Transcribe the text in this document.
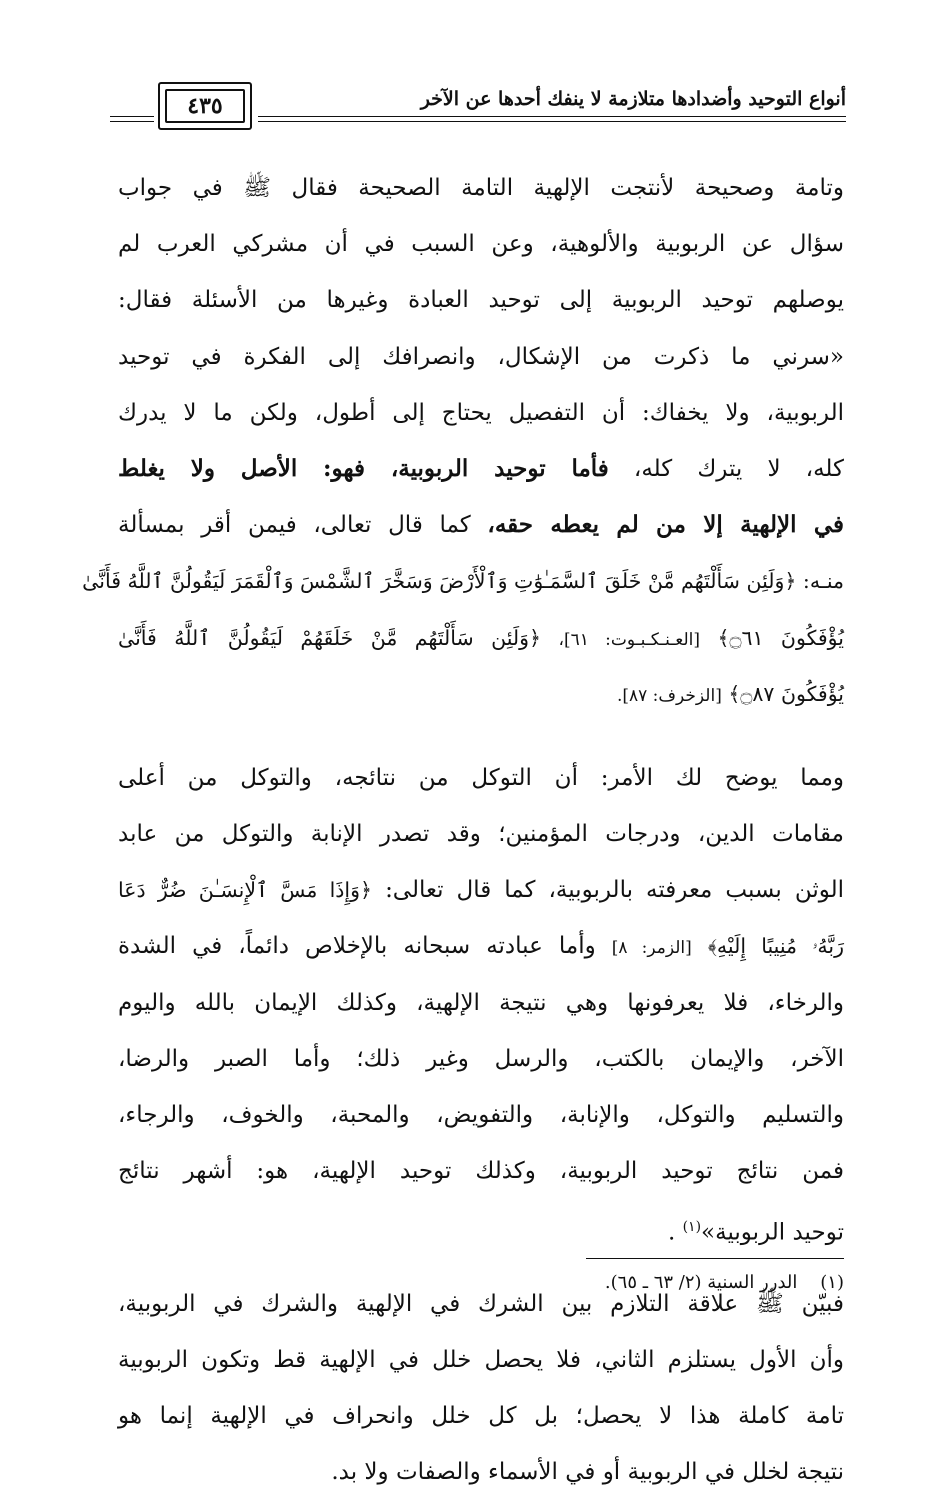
أنواع التوحيد وأضدادها متلازمة لا ينفك أحدها عن الآخر
٤٣٥
وتامة وصحيحة لأنتجت الإلهية التامة الصحيحة فقال ﷺ في جواب
سؤال عن الربوبية والألوهية، وعن السبب في أن مشركي العرب لم
يوصلهم توحيد الربوبية إلى توحيد العبادة وغيرها من الأسئلة فقال:
«سرني ما ذكرت من الإشكال، وانصرافك إلى الفكرة في توحيد
الربوبية، ولا يخفاك: أن التفصيل يحتاج إلى أطول، ولكن ما لا يدرك
كله، لا يترك كله، فأما توحيد الربوبية، فهو: الأصل ولا يغلط
في الإلهية إلا من لم يعطه حقه، كما قال تعالى، فيمن أقر بمسألة
منـه: ﴿وَلَئِن سَأَلْتَهُم مَّنْ خَلَقَ ٱلسَّمَـٰوَٰتِ وَٱلْأَرْضَ وَسَخَّرَ ٱلشَّمْسَ وَٱلْقَمَرَ لَيَقُولُنَّ ٱللَّهُ فَأَنَّىٰ
يُؤْفَكُونَ ۝٦١﴾ [العـنـكـبـوت: ٦١]، ﴿وَلَئِن سَأَلْتَهُم مَّنْ خَلَقَهُمْ لَيَقُولُنَّ ٱللَّهُ فَأَنَّىٰ
يُؤْفَكُونَ ۝٨٧﴾ [الزخرف: ٨٧].
ومما يوضح لك الأمر: أن التوكل من نتائجه، والتوكل من أعلى
مقامات الدين، ودرجات المؤمنين؛ وقد تصدر الإنابة والتوكل من عابد
الوثن بسبب معرفته بالربوبية، كما قال تعالى: ﴿وَإِذَا مَسَّ ٱلْإِنسَـٰنَ ضُرٌّ دَعَا
رَبَّهُۥ مُنِيبًا إِلَيْهِ﴾ [الزمر: ٨] وأما عبادته سبحانه بالإخلاص دائماً، في الشدة
والرخاء، فلا يعرفونها وهي نتيجة الإلهية، وكذلك الإيمان بالله واليوم
الآخر، والإيمان بالكتب، والرسل وغير ذلك؛ وأما الصبر والرضا،
والتسليم والتوكل، والإنابة، والتفويض، والمحبة، والخوف، والرجاء،
فمن نتائج توحيد الربوبية، وكذلك توحيد الإلهية، هو: أشهر نتائج
توحيد الربوبية»$^{(١)}$ .
فبيّن ﷺ علاقة التلازم بين الشرك في الإلهية والشرك في الربوبية،
وأن الأول يستلزم الثاني، فلا يحصل خلل في الإلهية قط وتكون الربوبية
تامة كاملة هذا لا يحصل؛ بل كل خلل وانحراف في الإلهية إنما هو
نتيجة لخلل في الربوبية أو في الأسماء والصفات ولا بد.
(١)    الدرر السنية (٢/ ٦٣ ـ ٦٥).
